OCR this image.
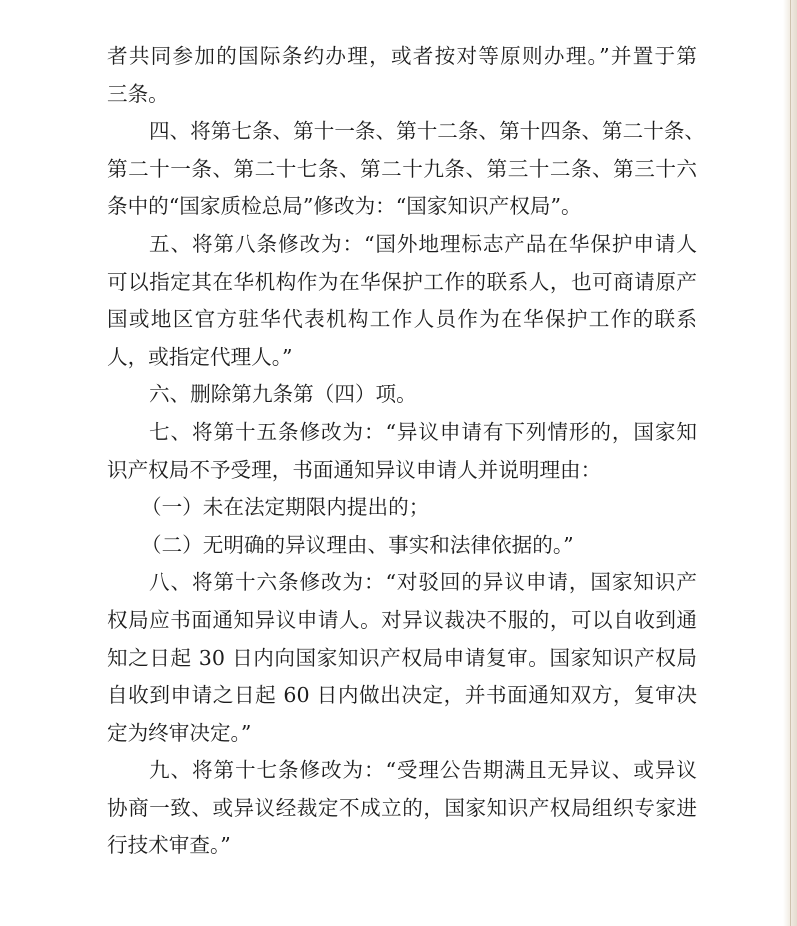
者共同参加的国际条约办理，或者按对等原则办理。”并置于第
三条。
四、将第七条、第十一条、第十二条、第十四条、第二十条、
第二十一条、第二十七条、第二十九条、第三十二条、第三十六
条中的“国家质检总局”修改为：“国家知识产权局”。
五、将第八条修改为：“国外地理标志产品在华保护申请人
可以指定其在华机构作为在华保护工作的联系人，也可商请原产
国或地区官方驻华代表机构工作人员作为在华保护工作的联系
人，或指定代理人。”
六、删除第九条第（四）项。
七、将第十五条修改为：“异议申请有下列情形的，国家知
识产权局不予受理，书面通知异议申请人并说明理由：
（一）未在法定期限内提出的；
（二）无明确的异议理由、事实和法律依据的。”
八、将第十六条修改为：“对驳回的异议申请，国家知识产
权局应书面通知异议申请人。对异议裁决不服的，可以自收到通
知之日起 30 日内向国家知识产权局申请复审。国家知识产权局
自收到申请之日起 60 日内做出决定，并书面通知双方，复审决
定为终审决定。”
九、将第十七条修改为：“受理公告期满且无异议、或异议
协商一致、或异议经裁定不成立的，国家知识产权局组织专家进
行技术审查。”
